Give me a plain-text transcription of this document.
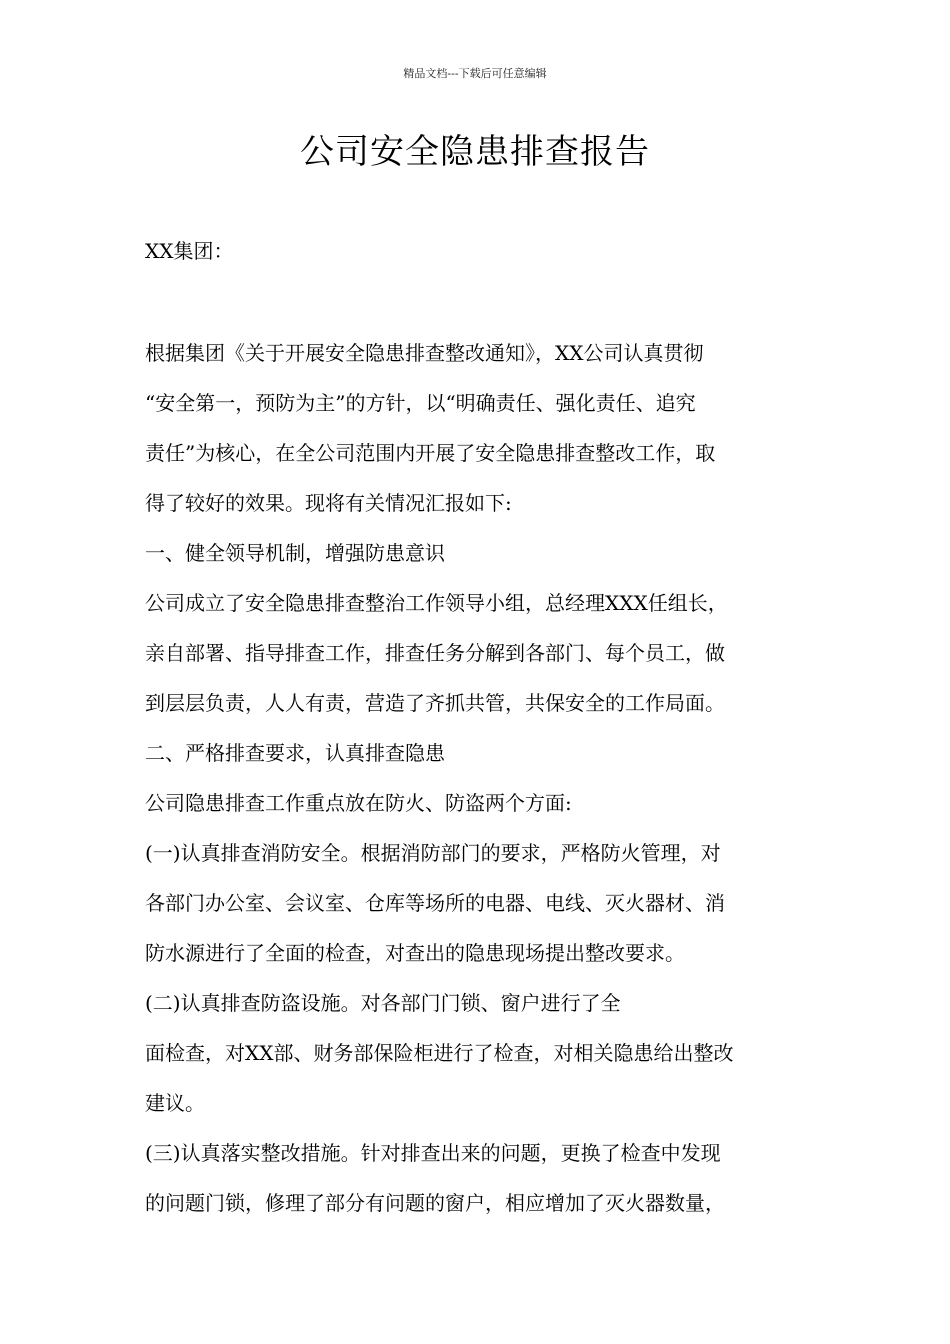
精品文档---下载后可任意编辑
公司安全隐患排查报告
XX集团：
根据集团《关于开展安全隐患排查整改通知》，XX公司认真贯彻
“安全第一，预防为主”的方针，以“明确责任、强化责任、追究
责任”为核心，在全公司范围内开展了安全隐患排查整改工作，取
得了较好的效果。现将有关情况汇报如下:
一、健全领导机制，增强防患意识
公司成立了安全隐患排查整治工作领导小组，总经理XXX任组长，
亲自部署、指导排查工作，排查任务分解到各部门、每个员工，做
到层层负责，人人有责，营造了齐抓共管，共保安全的工作局面。
二、严格排查要求，认真排查隐患
公司隐患排查工作重点放在防火、防盗两个方面:
(一)认真排查消防安全。根据消防部门的要求，严格防火管理，对
各部门办公室、会议室、仓库等场所的电器、电线、灭火器材、消
防水源进行了全面的检查，对查出的隐患现场提出整改要求。
(二)认真排查防盗设施。对各部门门锁、窗户进行了全
面检查，对XX部、财务部保险柜进行了检查，对相关隐患给出整改
建议。
(三)认真落实整改措施。针对排查出来的问题，更换了检查中发现
的问题门锁，修理了部分有问题的窗户，相应增加了灭火器数量，
